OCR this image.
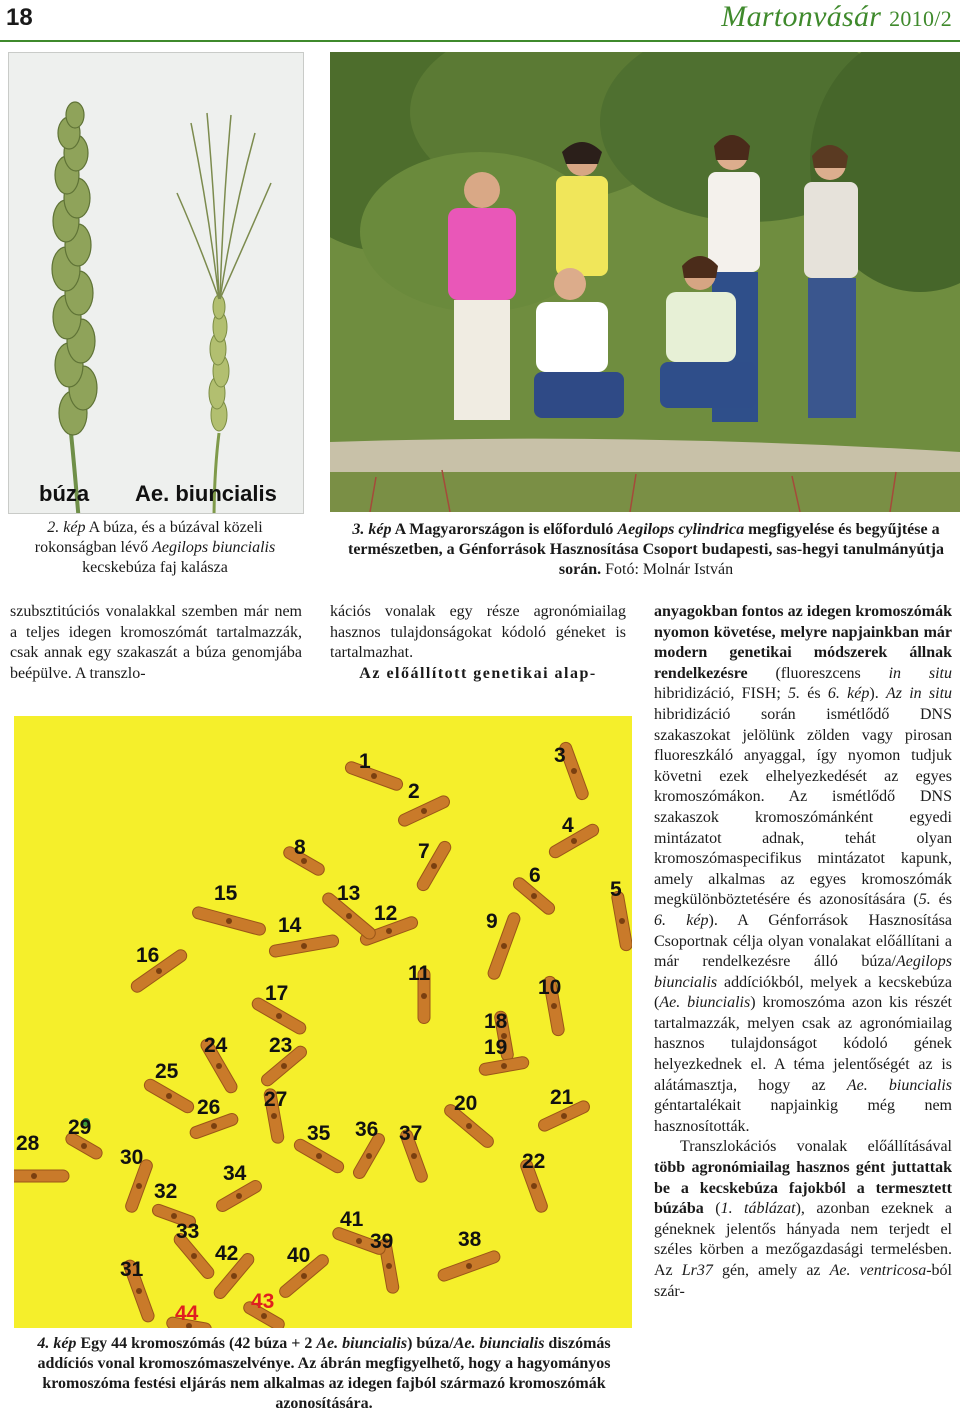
18	Martonvásár 2010/2
búza Ae. biuncialis
2. kép A búza, és a búzával közeli rokonságban lévő Aegilops biuncialis kecskebúza faj kalásza
3. kép A Magyarországon is előforduló Aegilops cylindrica megfigyelése és begyűjtése a természetben, a Génforrások Hasznosítása Csoport budapesti, sas-hegyi tanulmányútja során. Fotó: Molnár István

szubsztitúciós vonalakkal szemben már nem a teljes idegen kromoszómát tartalmazzák, csak annak egy szakaszát a búza genomjába beépülve. A transzlo-

kációs vonalak egy része agronómiailag hasznos tulajdonságokat kódoló géneket is tartalmazhat.

Az előállított genetikai alap-

anyagokban fontos az idegen kromoszómák nyomon követése, melyre napjainkban már modern genetikai módszerek állnak rendelkezésre (fluoreszcens in situ hibridizáció, FISH; 5. és 6. kép). Az in situ hibridizáció során ismétlődő DNS szakaszokat jelölünk zölden vagy pirosan fluoreszkáló anyaggal, így nyomon tudjuk követni ezek elhelyezkedését az egyes kromoszómákon. Az ismétlődő DNS szakaszok kromoszómánként egyedi mintázatot adnak, tehát olyan kromoszómaspecifikus mintázatot kapunk, amely alkalmas az egyes kromoszómák megkülönböztetésére és azonosítására (5. és 6. kép). A Génforrások Hasznosítása Csoportnak célja olyan vonalakat előállítani a már rendelkezésre álló búza/Aegilops biuncialis addíciókból, melyek a kecskebúza (Ae. biuncialis) kromoszóma azon kis részét tartalmazzák, melyen csak az agronómiailag hasznos tulajdonságot kódoló gének helyezkednek el. A téma jelentőségét az is alátámasztja, hogy az Ae. biuncialis géntartalékait napjainkig még nem hasznosították.

Transzlokációs vonalak előállításával több agronómiailag hasznos gént juttattak be a kecskebúza fajokból a termesztett búzába (1. táblázat), azonban ezeknek a géneknek jelentős hányada nem terjedt el széles körben a mezőgazdasági termelésben. Az Lr37 gén, amely az Ae. ventricosa-ból szár-

1
2
3
4
5
6
7
8
9
10
11
12
13
14
15
16
17
18
19
20	21
22
23
24
25
26 27
28
29
30
31
32
33
34
35 36 37
38
39
40
41
42
43
44
4. kép Egy 44 kromoszómás (42 búza + 2 Ae. biuncialis) búza/Ae. biuncialis diszómás addíciós vonal kromoszómaszelvénye. Az ábrán megfigyelhető, hogy a hagyományos kromoszóma festési eljárás nem alkalmas az idegen fajból származó kromoszómák azonosítására.
